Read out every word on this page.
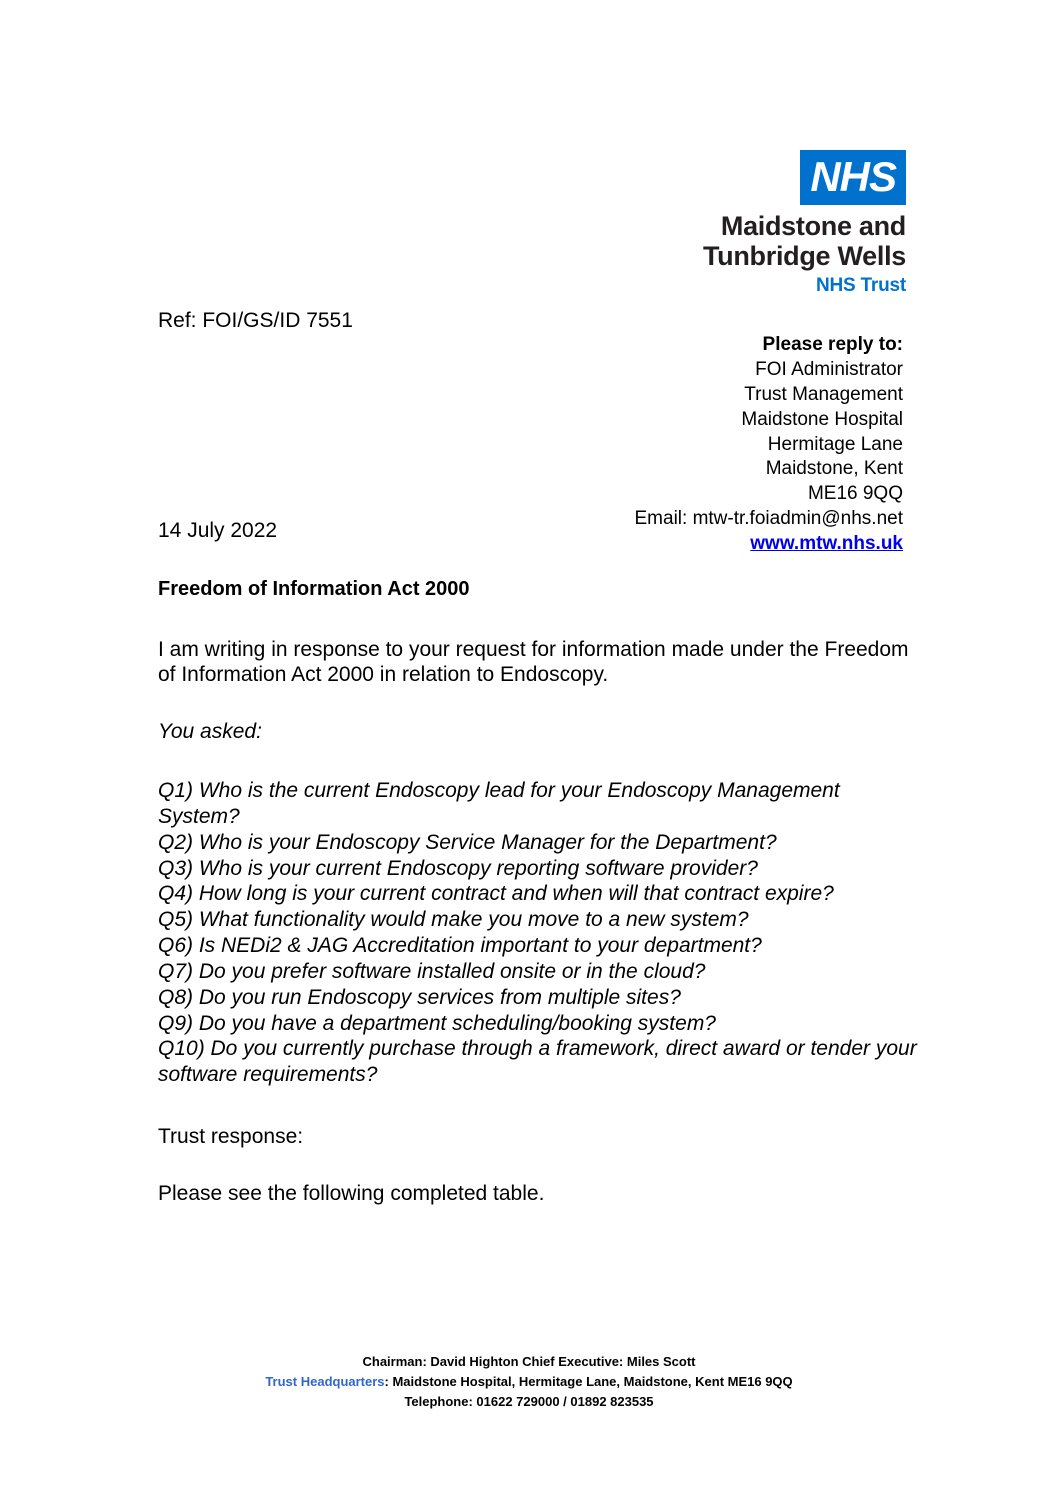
NHS
Maidstone and
Tunbridge Wells
NHS Trust
Ref: FOI/GS/ID 7551
Please reply to:
FOI Administrator
Trust Management
Maidstone Hospital
Hermitage Lane
Maidstone, Kent
ME16 9QQ
Email: mtw-tr.foiadmin@nhs.net
www.mtw.nhs.uk

14 July 2022

Freedom of Information Act 2000

I am writing in response to your request for information made under the Freedom of Information Act 2000 in relation to Endoscopy.

You asked:

Q1) Who is the current Endoscopy lead for your Endoscopy Management System?

Q2) Who is your Endoscopy Service Manager for the Department?

Q3) Who is your current Endoscopy reporting software provider?

Q4) How long is your current contract and when will that contract expire?

Q5) What functionality would make you move to a new system?

Q6) Is NEDi2 & JAG Accreditation important to your department?

Q7) Do you prefer software installed onsite or in the cloud?

Q8) Do you run Endoscopy services from multiple sites?

Q9) Do you have a department scheduling/booking system?

Q10) Do you currently purchase through a framework, direct award or tender your software requirements?

Trust response:

Please see the following completed table.

Chairman: David Highton Chief Executive: Miles Scott
Trust Headquarters: Maidstone Hospital, Hermitage Lane, Maidstone, Kent ME16 9QQ
Telephone: 01622 729000 / 01892 823535
